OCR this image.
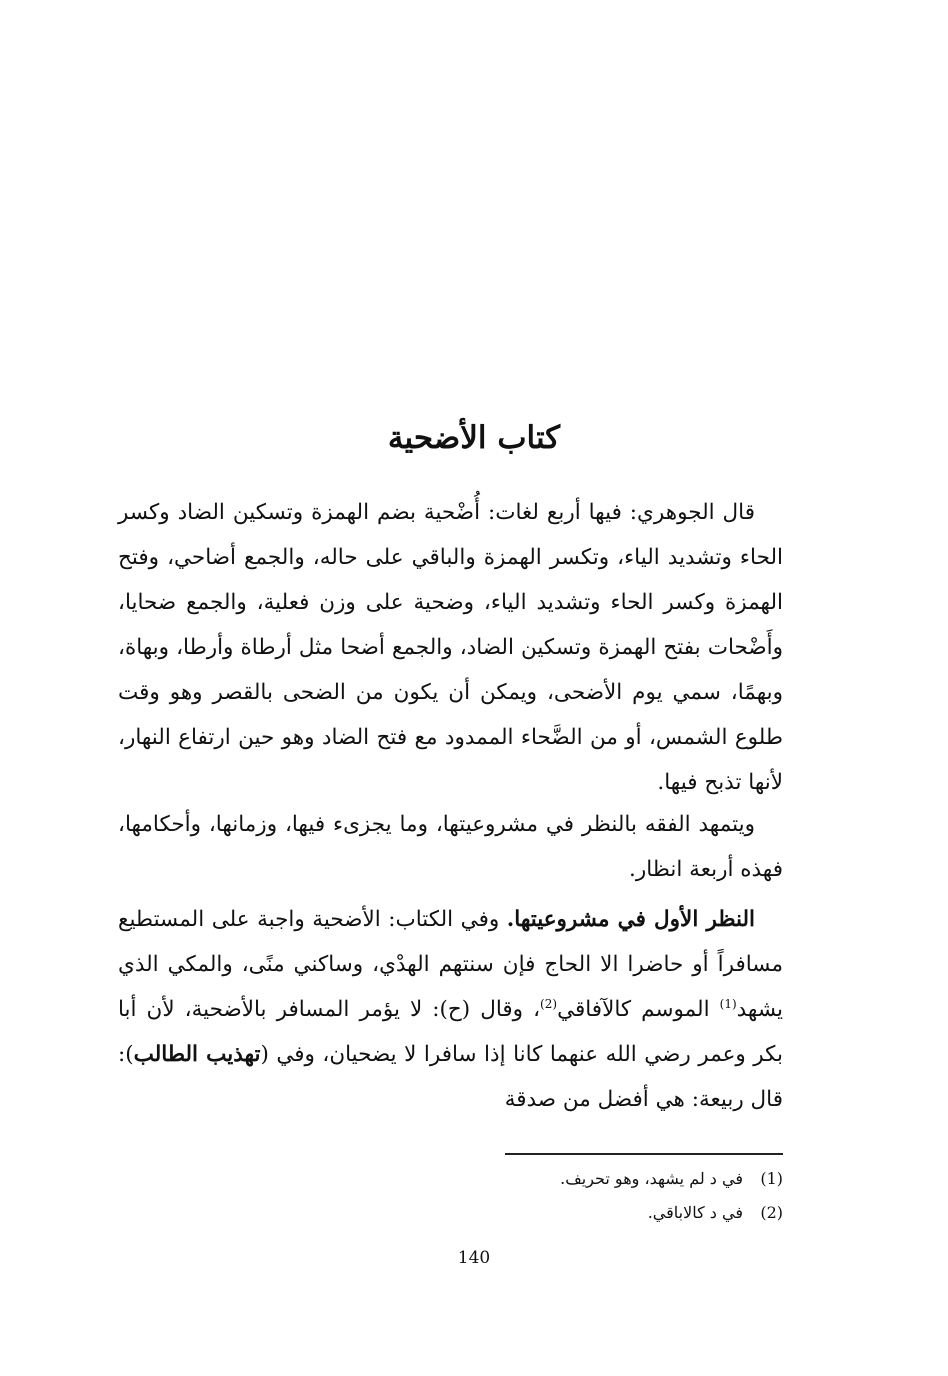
كتاب الأضحية
قال الجوهري: فيها أربع لغات: أُضْحية بضم الهمزة وتسكين الضاد وكسر الحاء وتشديد الياء، وتكسر الهمزة والباقي على حاله، والجمع أضاحي، وفتح الهمزة وكسر الحاء وتشديد الياء، وضحية على وزن فعلية، والجمع ضحايا، وأَضْحات بفتح الهمزة وتسكين الضاد، والجمع أضحا مثل أرطاة وأرطا، وبهاة، وبهمًا، سمي يوم الأضحى، ويمكن أن يكون من الضحى بالقصر وهو وقت طلوع الشمس، أو من الضَّحاء الممدود مع فتح الضاد وهو حين ارتفاع النهار، لأنها تذبح فيها.
ويتمهد الفقه بالنظر في مشروعيتها، وما يجزىء فيها، وزمانها، وأحكامها، فهذه أربعة انظار.
النظر الأول في مشروعيتها. وفي الكتاب: الأضحية واجبة على المستطيع مسافراً أو حاضرا الا الحاج فإن سنتهم الهدْي، وساكني منًى، والمكي الذي يشهد$^{(1)}$ الموسم كالآفاقي$^{(2)}$، وقال (ح): لا يؤمر المسافر بالأضحية، لأن أبا بكر وعمر رضي الله عنهما كانا إذا سافرا لا يضحيان، وفي (تهذيب الطالب): قال ربيعة: هي أفضل من صدقة
(1)في د لم يشهد، وهو تحريف.
(2)في د كالاباقي.
140
